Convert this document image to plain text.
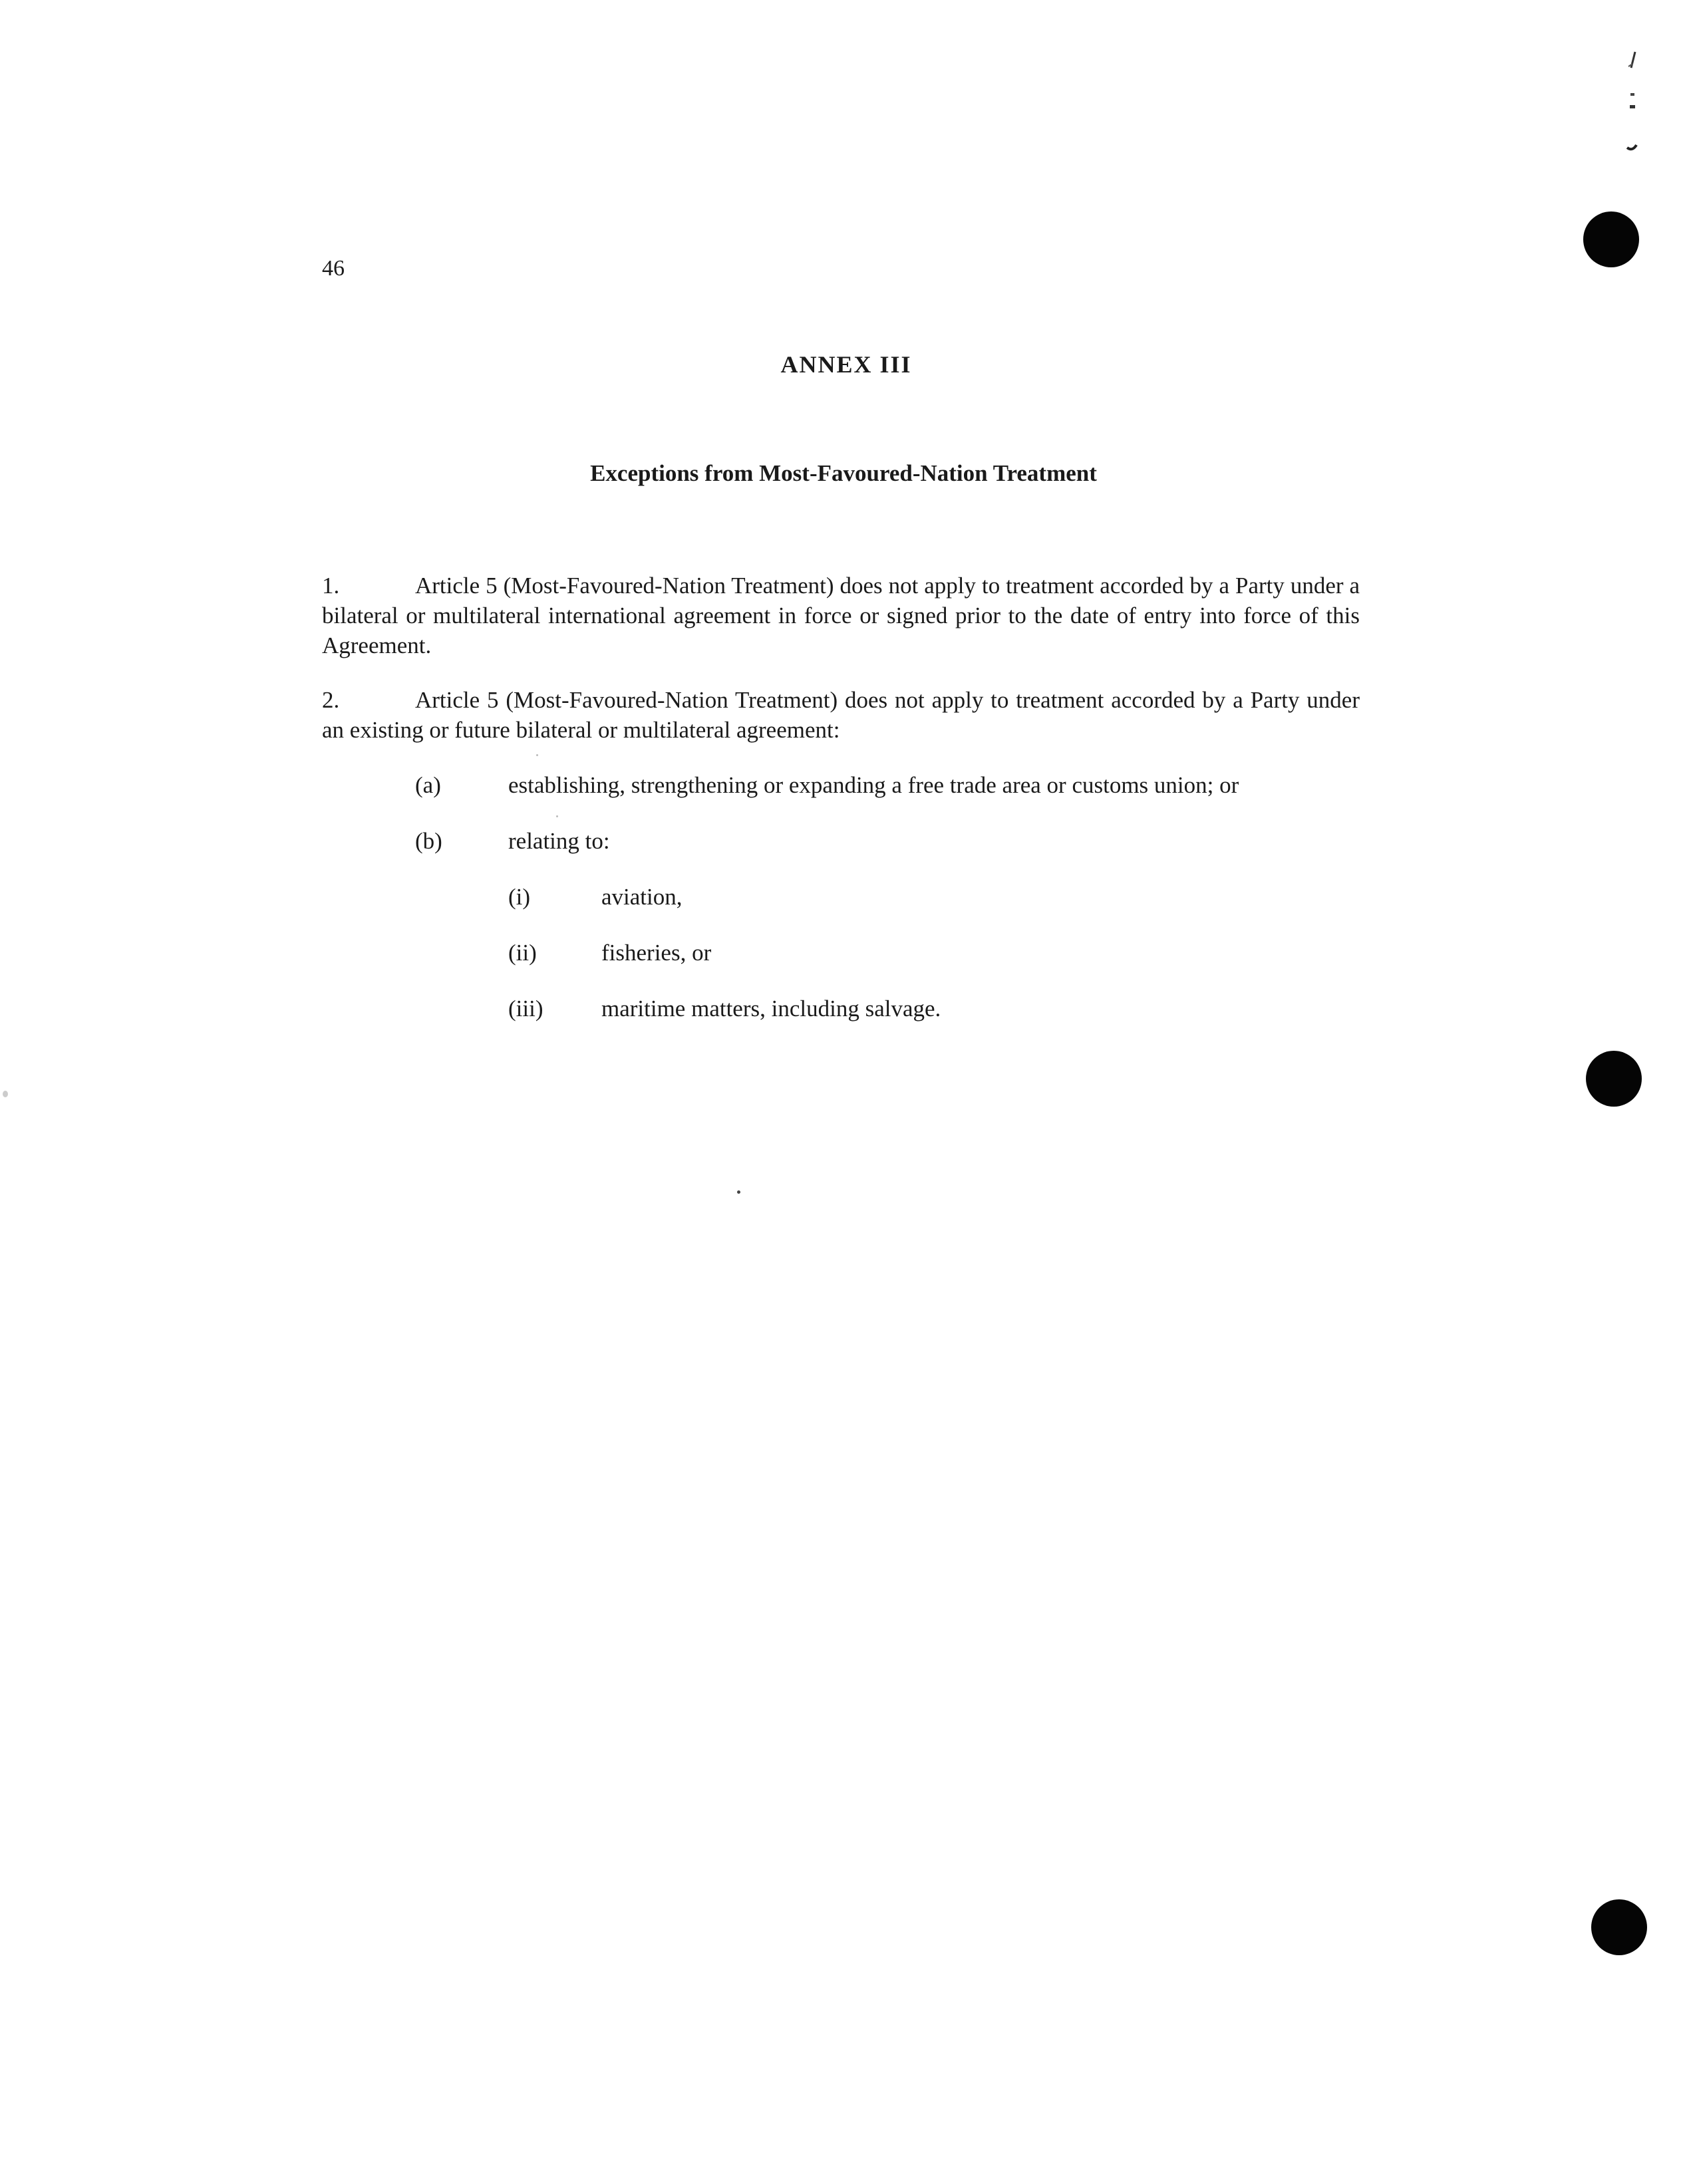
46
ANNEX III
Exceptions from Most-Favoured-Nation Treatment
1.	Article 5 (Most-Favoured-Nation Treatment) does not apply to treatment accorded by a Party under a bilateral or multilateral international agreement in force or signed prior to the date of entry into force of this Agreement.
2.	Article 5 (Most-Favoured-Nation Treatment) does not apply to treatment accorded by a Party under an existing or future bilateral or multilateral agreement:
(a)	establishing, strengthening or expanding a free trade area or customs union; or
(b)	relating to:
(i)	aviation,
(ii)	fisheries, or
(iii)	maritime matters, including salvage.
